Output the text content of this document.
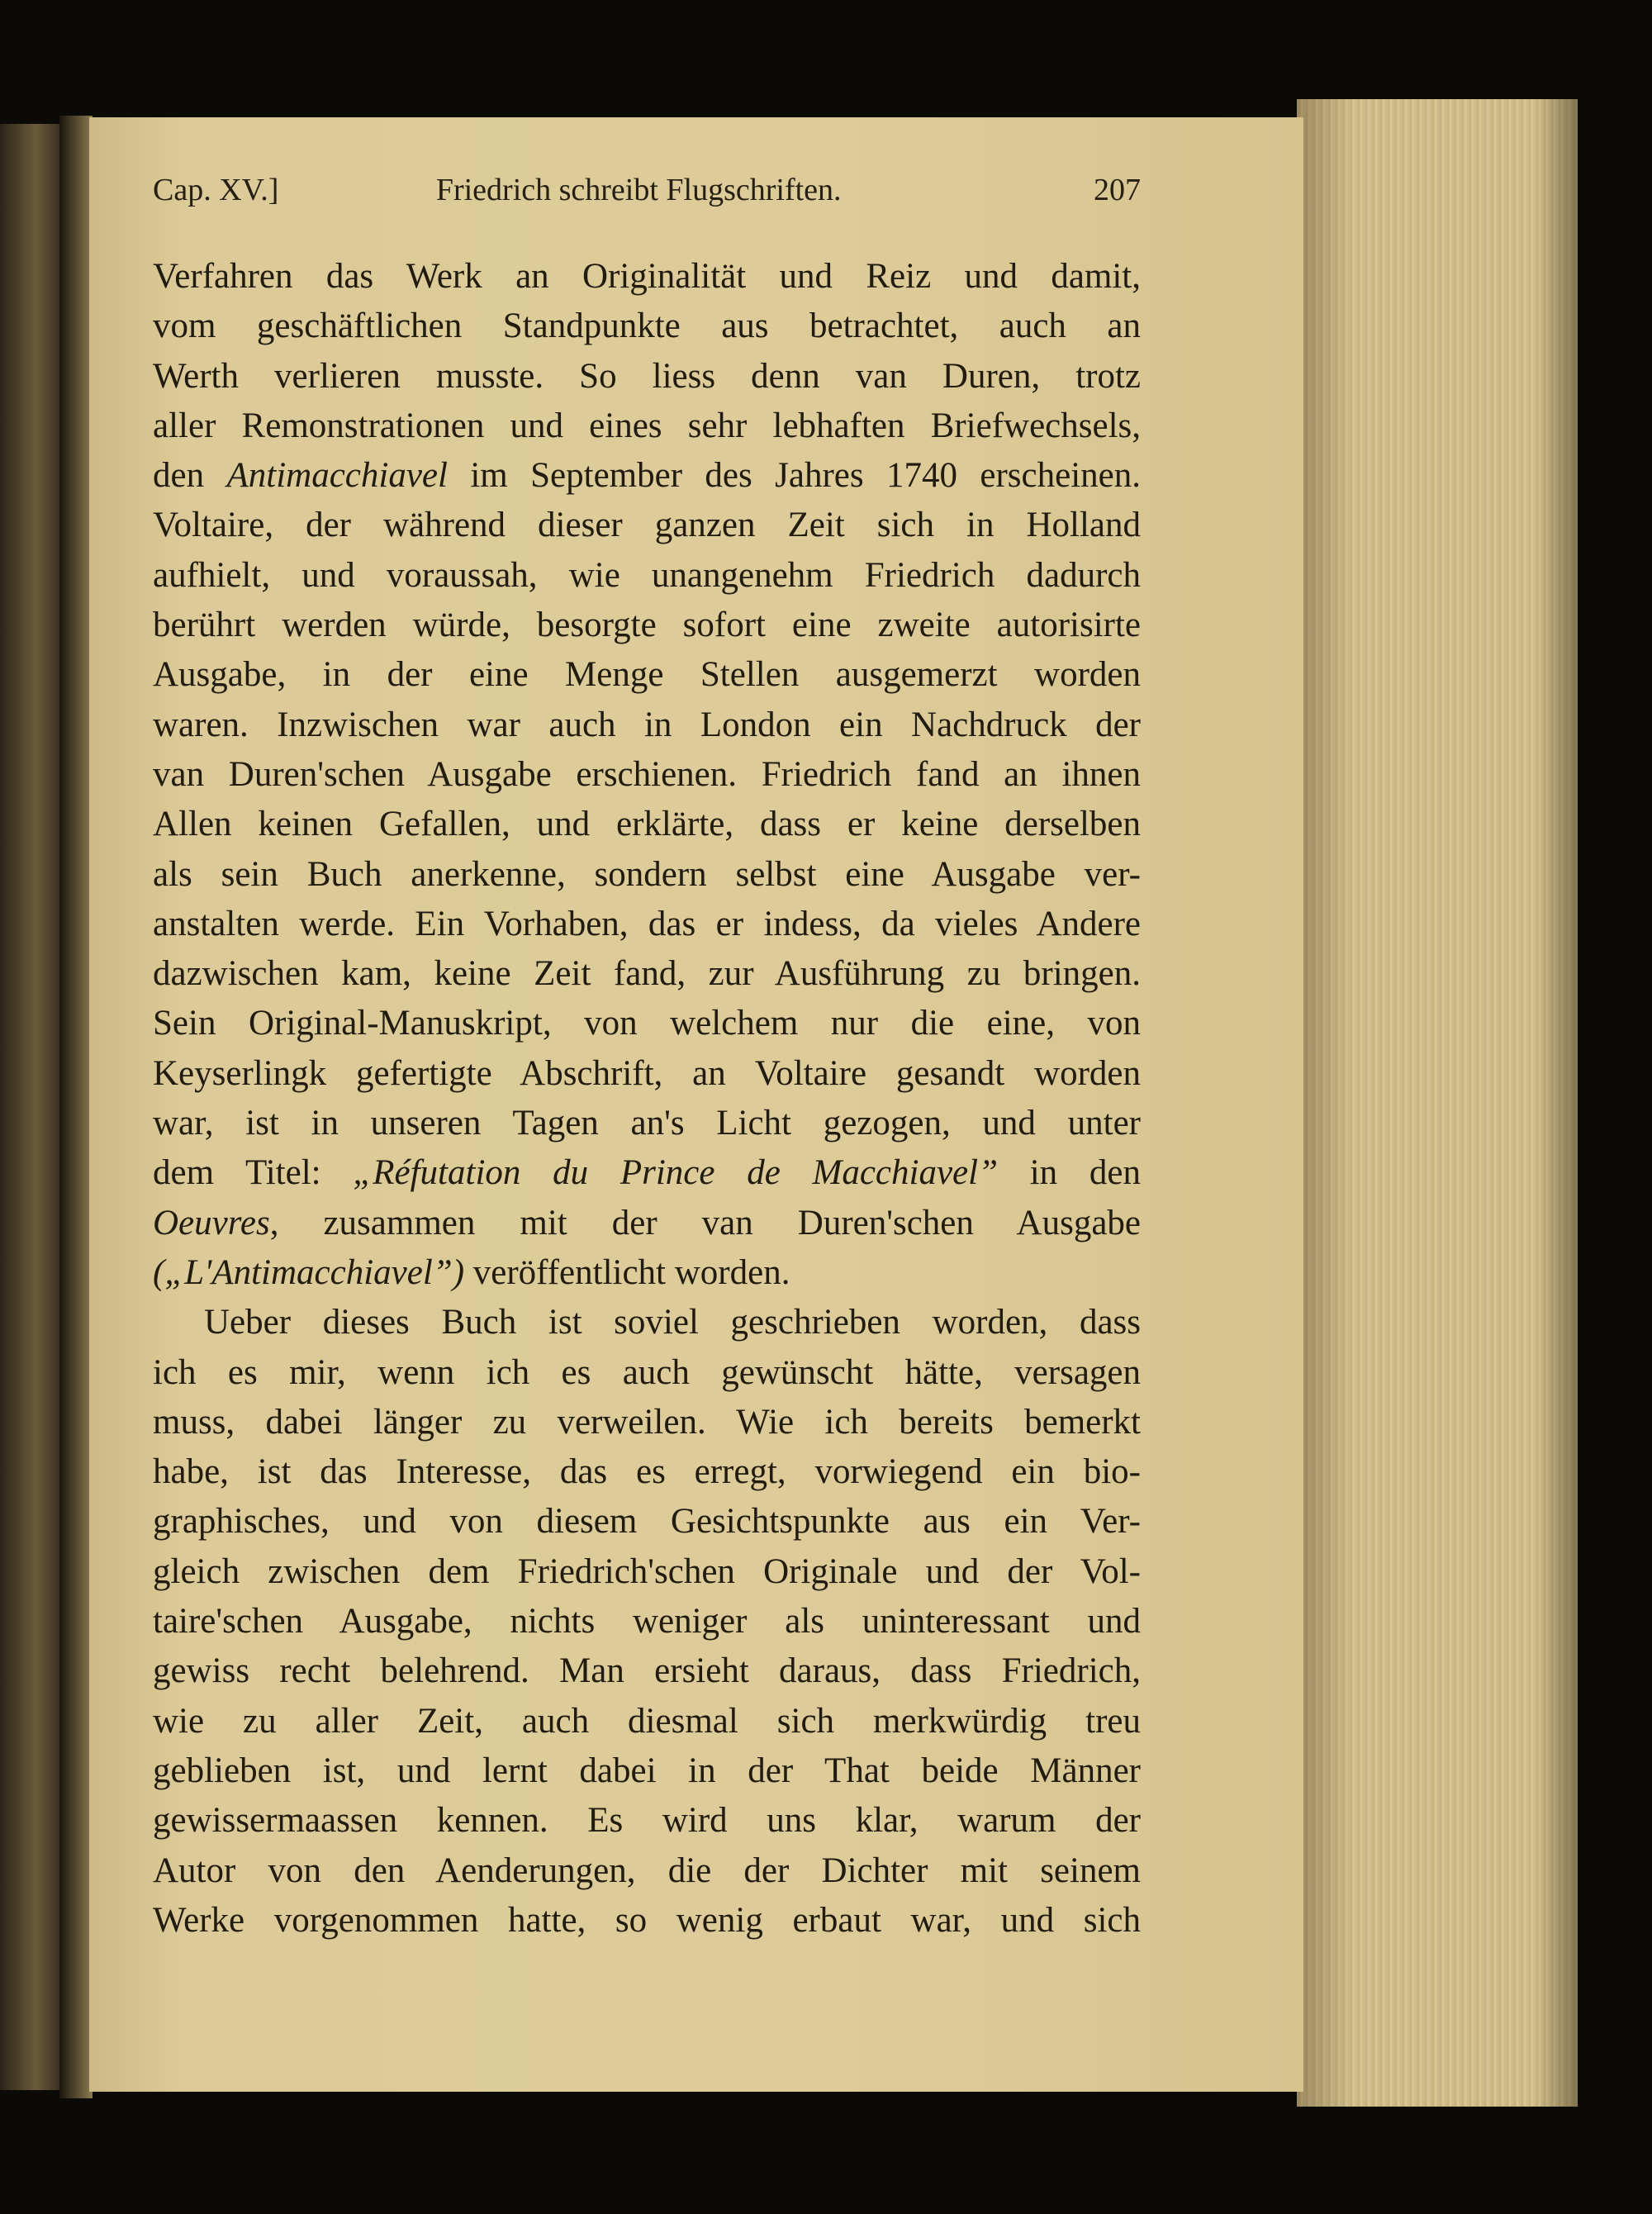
Cap. XV.]	Friedrich schreibt Flugschriften.	207
Verfahren das Werk an Originalität und Reiz und damit,
vom geschäftlichen Standpunkte aus betrachtet, auch an
Werth verlieren musste. So liess denn van Duren, trotz
aller Remonstrationen und eines sehr lebhaften Briefwechsels,
den Antimacchiavel im September des Jahres 1740 erscheinen.
Voltaire, der während dieser ganzen Zeit sich in Holland
aufhielt, und voraussah, wie unangenehm Friedrich dadurch
berührt werden würde, besorgte sofort eine zweite autorisirte
Ausgabe, in der eine Menge Stellen ausgemerzt worden
waren. Inzwischen war auch in London ein Nachdruck der
van Duren'schen Ausgabe erschienen. Friedrich fand an ihnen
Allen keinen Gefallen, und erklärte, dass er keine derselben
als sein Buch anerkenne, sondern selbst eine Ausgabe ver-
anstalten werde. Ein Vorhaben, das er indess, da vieles Andere
dazwischen kam, keine Zeit fand, zur Ausführung zu bringen.
Sein Original-Manuskript, von welchem nur die eine, von
Keyserlingk gefertigte Abschrift, an Voltaire gesandt worden
war, ist in unseren Tagen an's Licht gezogen, und unter
dem Titel: „Réfutation du Prince de Macchiavel” in den
Oeuvres, zusammen mit der van Duren'schen Ausgabe
(„L'Antimacchiavel”) veröffentlicht worden.
Ueber dieses Buch ist soviel geschrieben worden, dass
ich es mir, wenn ich es auch gewünscht hätte, versagen
muss, dabei länger zu verweilen. Wie ich bereits bemerkt
habe, ist das Interesse, das es erregt, vorwiegend ein bio-
graphisches, und von diesem Gesichtspunkte aus ein Ver-
gleich zwischen dem Friedrich'schen Originale und der Vol-
taire'schen Ausgabe, nichts weniger als uninteressant und
gewiss recht belehrend. Man ersieht daraus, dass Friedrich,
wie zu aller Zeit, auch diesmal sich merkwürdig treu
geblieben ist, und lernt dabei in der That beide Männer
gewissermaassen kennen. Es wird uns klar, warum der
Autor von den Aenderungen, die der Dichter mit seinem
Werke vorgenommen hatte, so wenig erbaut war, und sich
